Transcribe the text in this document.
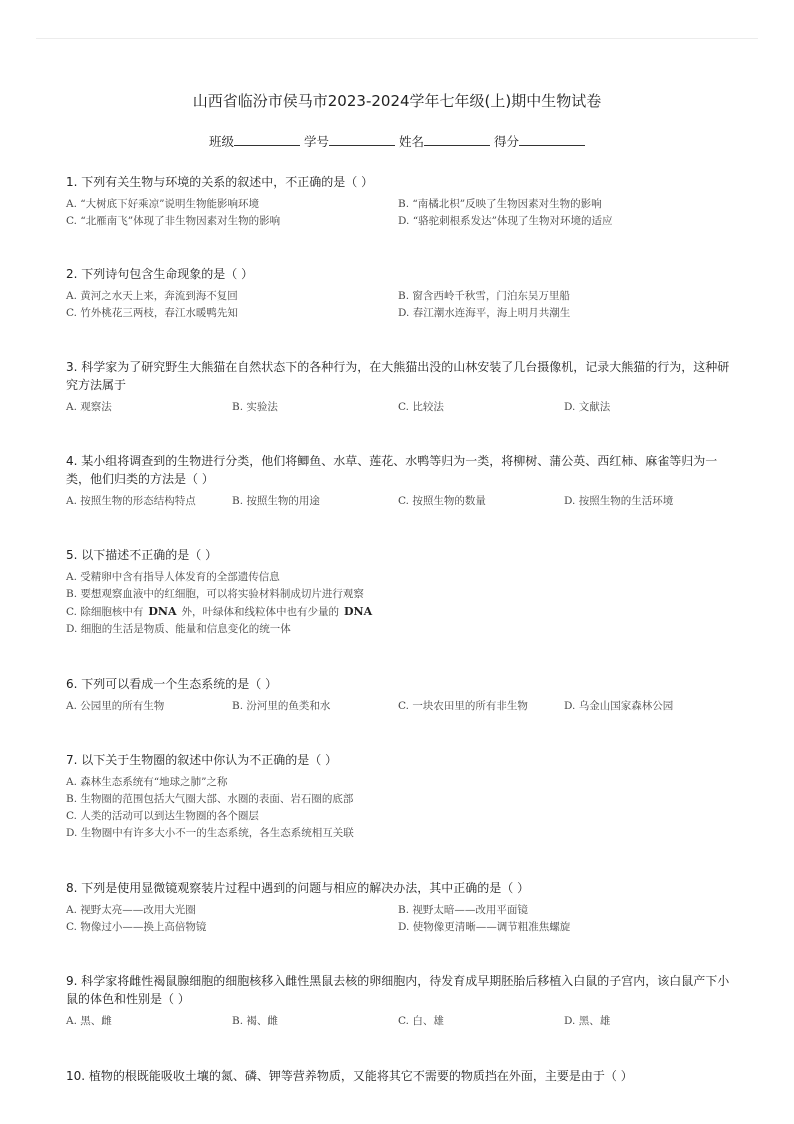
山西省临汾市侯马市2023-2024学年七年级(上)期中生物试卷
班级	学号	姓名	得分
1. 下列有关生物与环境的关系的叙述中，不正确的是（ ）
A. “大树底下好乘凉”说明生物能影响环境	B. “南橘北枳”反映了生物因素对生物的影响
C. “北雁南飞”体现了非生物因素对生物的影响	D. “骆驼刺根系发达”体现了生物对环境的适应
2. 下列诗句包含生命现象的是（ ）
A. 黄河之水天上来，奔流到海不复回	B. 窗含西岭千秋雪，门泊东吴万里船
C. 竹外桃花三两枝，春江水暖鸭先知	D. 春江潮水连海平，海上明月共潮生
3. 科学家为了研究野生大熊猫在自然状态下的各种行为，在大熊猫出没的山林安装了几台摄像机，记录大熊猫的行为，这种研究方法属于
A. 观察法	B. 实验法	C. 比较法	D. 文献法
4. 某小组将调查到的生物进行分类，他们将鲫鱼、水草、莲花、水鸭等归为一类，将柳树、蒲公英、西红柿、麻雀等归为一类，他们归类的方法是（ ）
A. 按照生物的形态结构特点	B. 按照生物的用途	C. 按照生物的数量	D. 按照生物的生活环境
5. 以下描述不正确的是（ ）
A. 受精卵中含有指导人体发育的全部遗传信息
B. 要想观察血液中的红细胞，可以将实验材料制成切片进行观察
C. 除细胞核中有 DNA 外，叶绿体和线粒体中也有少量的 DNA
D. 细胞的生活是物质、能量和信息变化的统一体
6. 下列可以看成一个生态系统的是（ ）
A. 公园里的所有生物	B. 汾河里的鱼类和水	C. 一块农田里的所有非生物	D. 乌金山国家森林公园
7. 以下关于生物圈的叙述中你认为不正确的是（ ）
A. 森林生态系统有“地球之肺”之称
B. 生物圈的范围包括大气圈大部、水圈的表面、岩石圈的底部
C. 人类的活动可以到达生物圈的各个圈层
D. 生物圈中有许多大小不一的生态系统，各生态系统相互关联
8. 下列是使用显微镜观察装片过程中遇到的问题与相应的解决办法，其中正确的是（ ）
A. 视野太亮——改用大光圈	B. 视野太暗——改用平面镜
C. 物像过小——换上高倍物镜	D. 使物像更清晰——调节粗准焦螺旋
9. 科学家将雌性褐鼠腺细胞的细胞核移入雌性黑鼠去核的卵细胞内，待发育成早期胚胎后移植入白鼠的子宫内，该白鼠产下小鼠的体色和性别是（ ）
A. 黑、雌	B. 褐、雌	C. 白、雄	D. 黑、雄
10. 植物的根既能吸收土壤的氮、磷、钾等营养物质，又能将其它不需要的物质挡在外面，主要是由于（ ）
